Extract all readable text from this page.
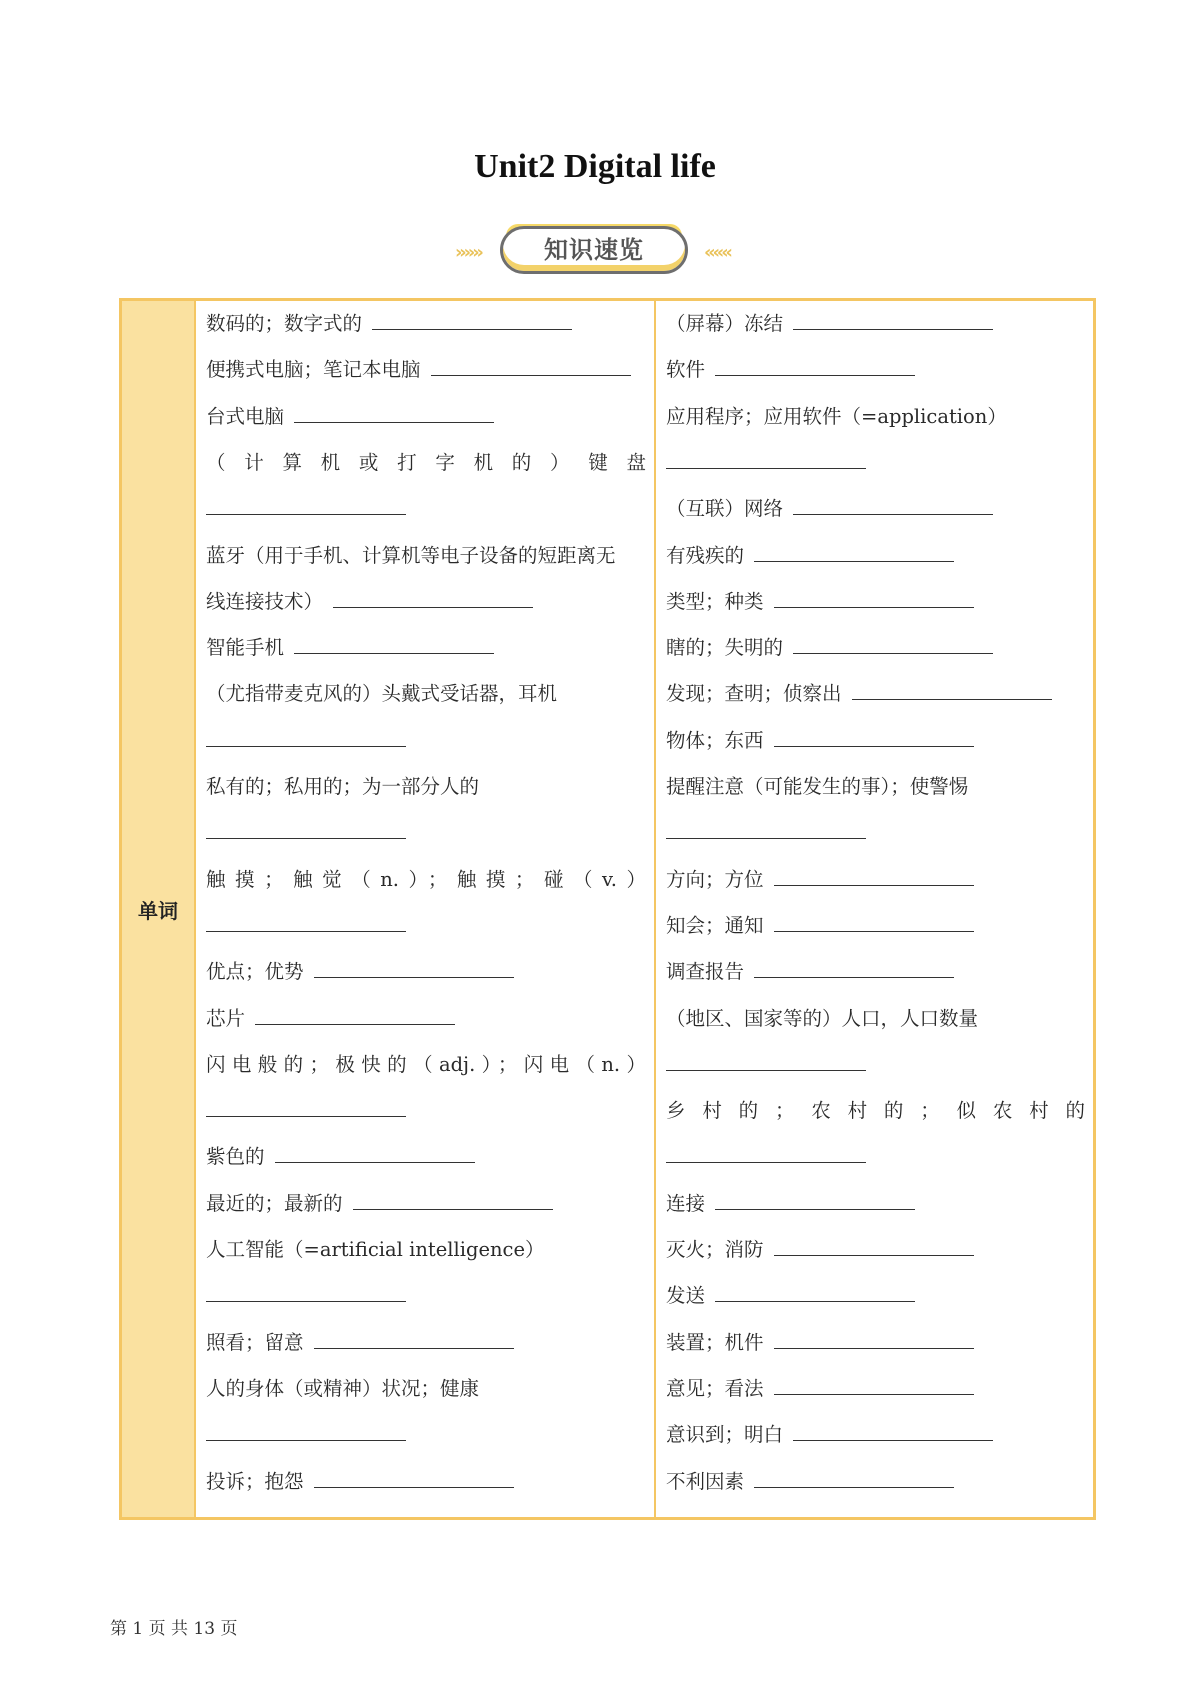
Unit2 Digital life
»»»	知识速览	«««
单词
数码的；数字式的
便携式电脑；笔记本电脑
台式电脑
（计算机或打字机的）键盘
蓝牙（用于手机、计算机等电子设备的短距离无
线连接技术）
智能手机
（尤指带麦克风的）头戴式受话器，耳机
私有的；私用的；为一部分人的
触摸；触觉（n.）；触摸；碰（v.）
优点；优势
芯片
闪电般的；极快的（adj.）；闪电（n.）
紫色的
最近的；最新的
人工智能（=artificial intelligence）
照看；留意
人的身体（或精神）状况；健康
投诉；抱怨
（屏幕）冻结
软件
应用程序；应用软件（=application）
（互联）网络
有残疾的
类型；种类
瞎的；失明的
发现；查明；侦察出
物体；东西
提醒注意（可能发生的事）；使警惕
方向；方位
知会；通知
调查报告
（地区、国家等的）人口，人口数量
乡村的；农村的；似农村的
连接
灭火；消防
发送
装置；机件
意见；看法
意识到；明白
不利因素
第 1 页 共 13 页
